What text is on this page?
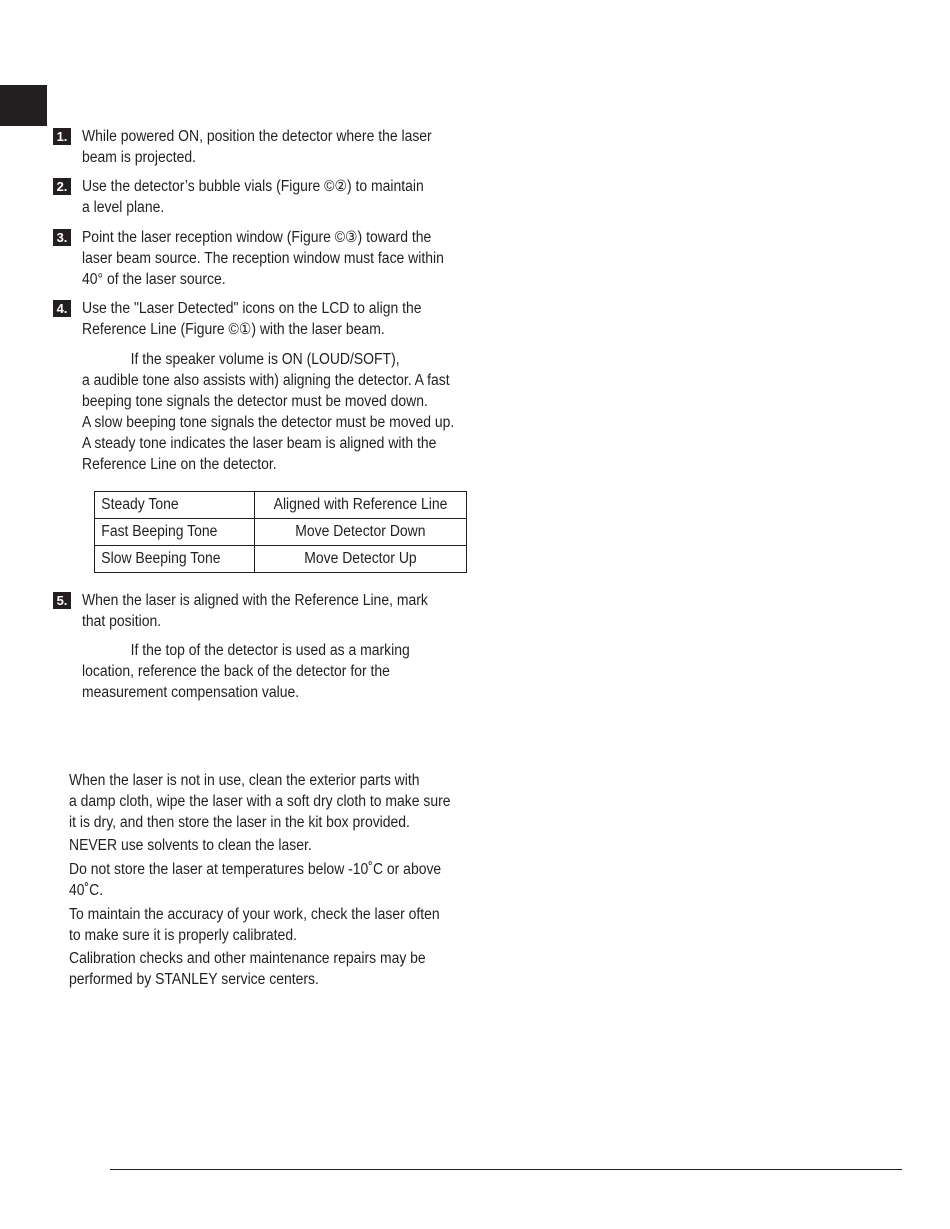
1. While powered ON, position the detector where the laser
beam is projected.
2. Use the detector’s bubble vials (Figure ©②) to maintain
a level plane.
3. Point the laser reception window (Figure ©③) toward the
laser beam source. The reception window must face within
40° of the laser source.
4. Use the "Laser Detected" icons on the LCD to align the
Reference Line (Figure ©①) with the laser beam.
If the speaker volume is ON (LOUD/SOFT),
a audible tone also assists with) aligning the detector. A fast
beeping tone signals the detector must be moved down.
A slow beeping tone signals the detector must be moved up.
A steady tone indicates the laser beam is aligned with the
Reference Line on the detector.
Steady Tone	Aligned with Reference Line
Fast Beeping Tone	Move Detector Down
Slow Beeping Tone	Move Detector Up
5. When the laser is aligned with the Reference Line, mark
that position.
If the top of the detector is used as a marking
location, reference the back of the detector for the
measurement compensation value.
When the laser is not in use, clean the exterior parts with
a damp cloth, wipe the laser with a soft dry cloth to make sure
it is dry, and then store the laser in the kit box provided.
NEVER use solvents to clean the laser.
Do not store the laser at temperatures below -10˚C or above
40˚C.
To maintain the accuracy of your work, check the laser often
to make sure it is properly calibrated.
Calibration checks and other maintenance repairs may be
performed by STANLEY service centers.
